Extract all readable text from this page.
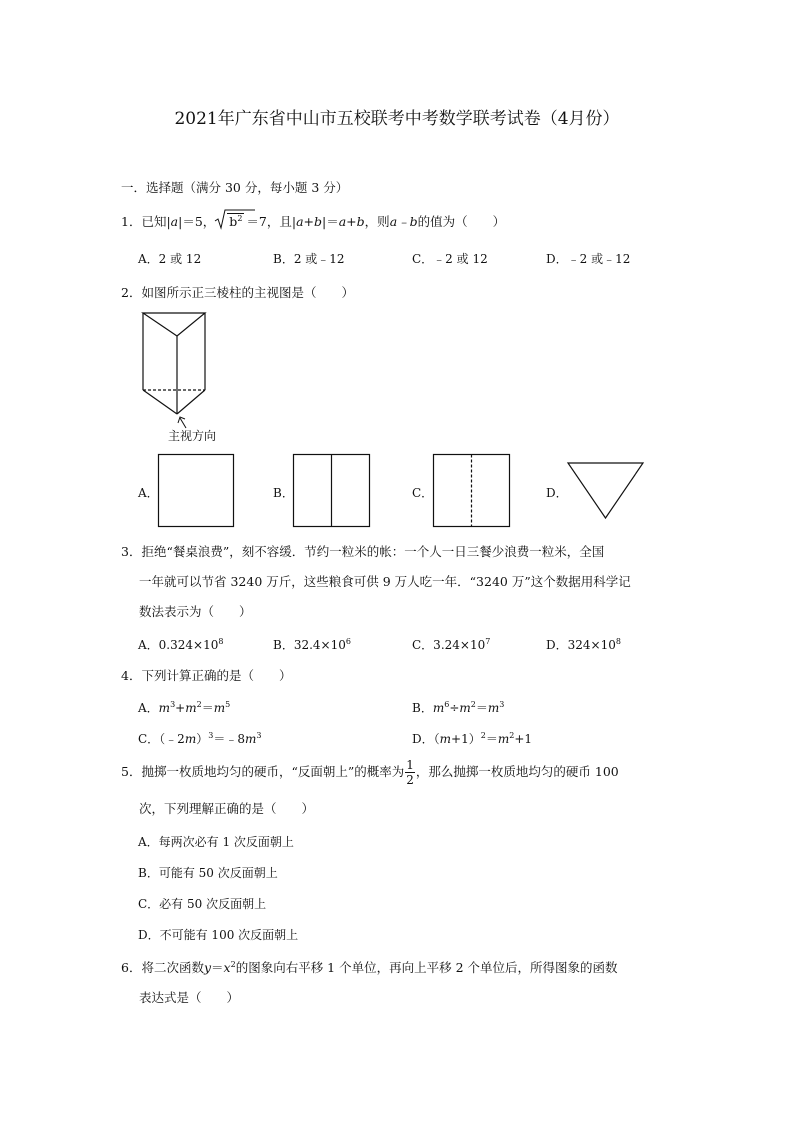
2021年广东省中山市五校联考中考数学联考试卷（4月份）
一．选择题（满分 30 分，每小题 3 分）
1．已知|a|＝5， $b^2 =7$，且|a+b|＝a+b，则a﹣b的值为（　　）
A．2 或 12	B．2 或﹣12	C．﹣2 或 12	D．﹣2 或﹣12
2．如图所示正三棱柱的主视图是（　　）
主视方向
A．	B．	C．	D．
3．拒绝“餐桌浪费”，刻不容缓．节约一粒米的帐：一个人一日三餐少浪费一粒米，全国
一年就可以节省 3240 万斤，这些粮食可供 9 万人吃一年．“3240 万”这个数据用科学记
数法表示为（　　）
A．$0.324\times 10^8$	B．$32.4\times 10^6$	C．$3.24\times 10^7$	D．$324\times 10^8$
4．下列计算正确的是（　　）
A．$m^3+m^2=m^5$	B．$m^6\div m^2=m^3$
C．$(﹣2m)^3=﹣8m^3$	D．$(m+1)^2=m^2+1$
5．抛掷一枚质地均匀的硬币，“反面朝上”的概率为 $\frac{1}{2}$ ，那么抛掷一枚质地均匀的硬币 100
次，下列理解正确的是（　　）
A．每两次必有 1 次反面朝上
B．可能有 50 次反面朝上
C．必有 50 次反面朝上
D．不可能有 100 次反面朝上
6．将二次函数$y=x^2$的图象向右平移 1 个单位，再向上平移 2 个单位后，所得图象的函数
表达式是（　　）
